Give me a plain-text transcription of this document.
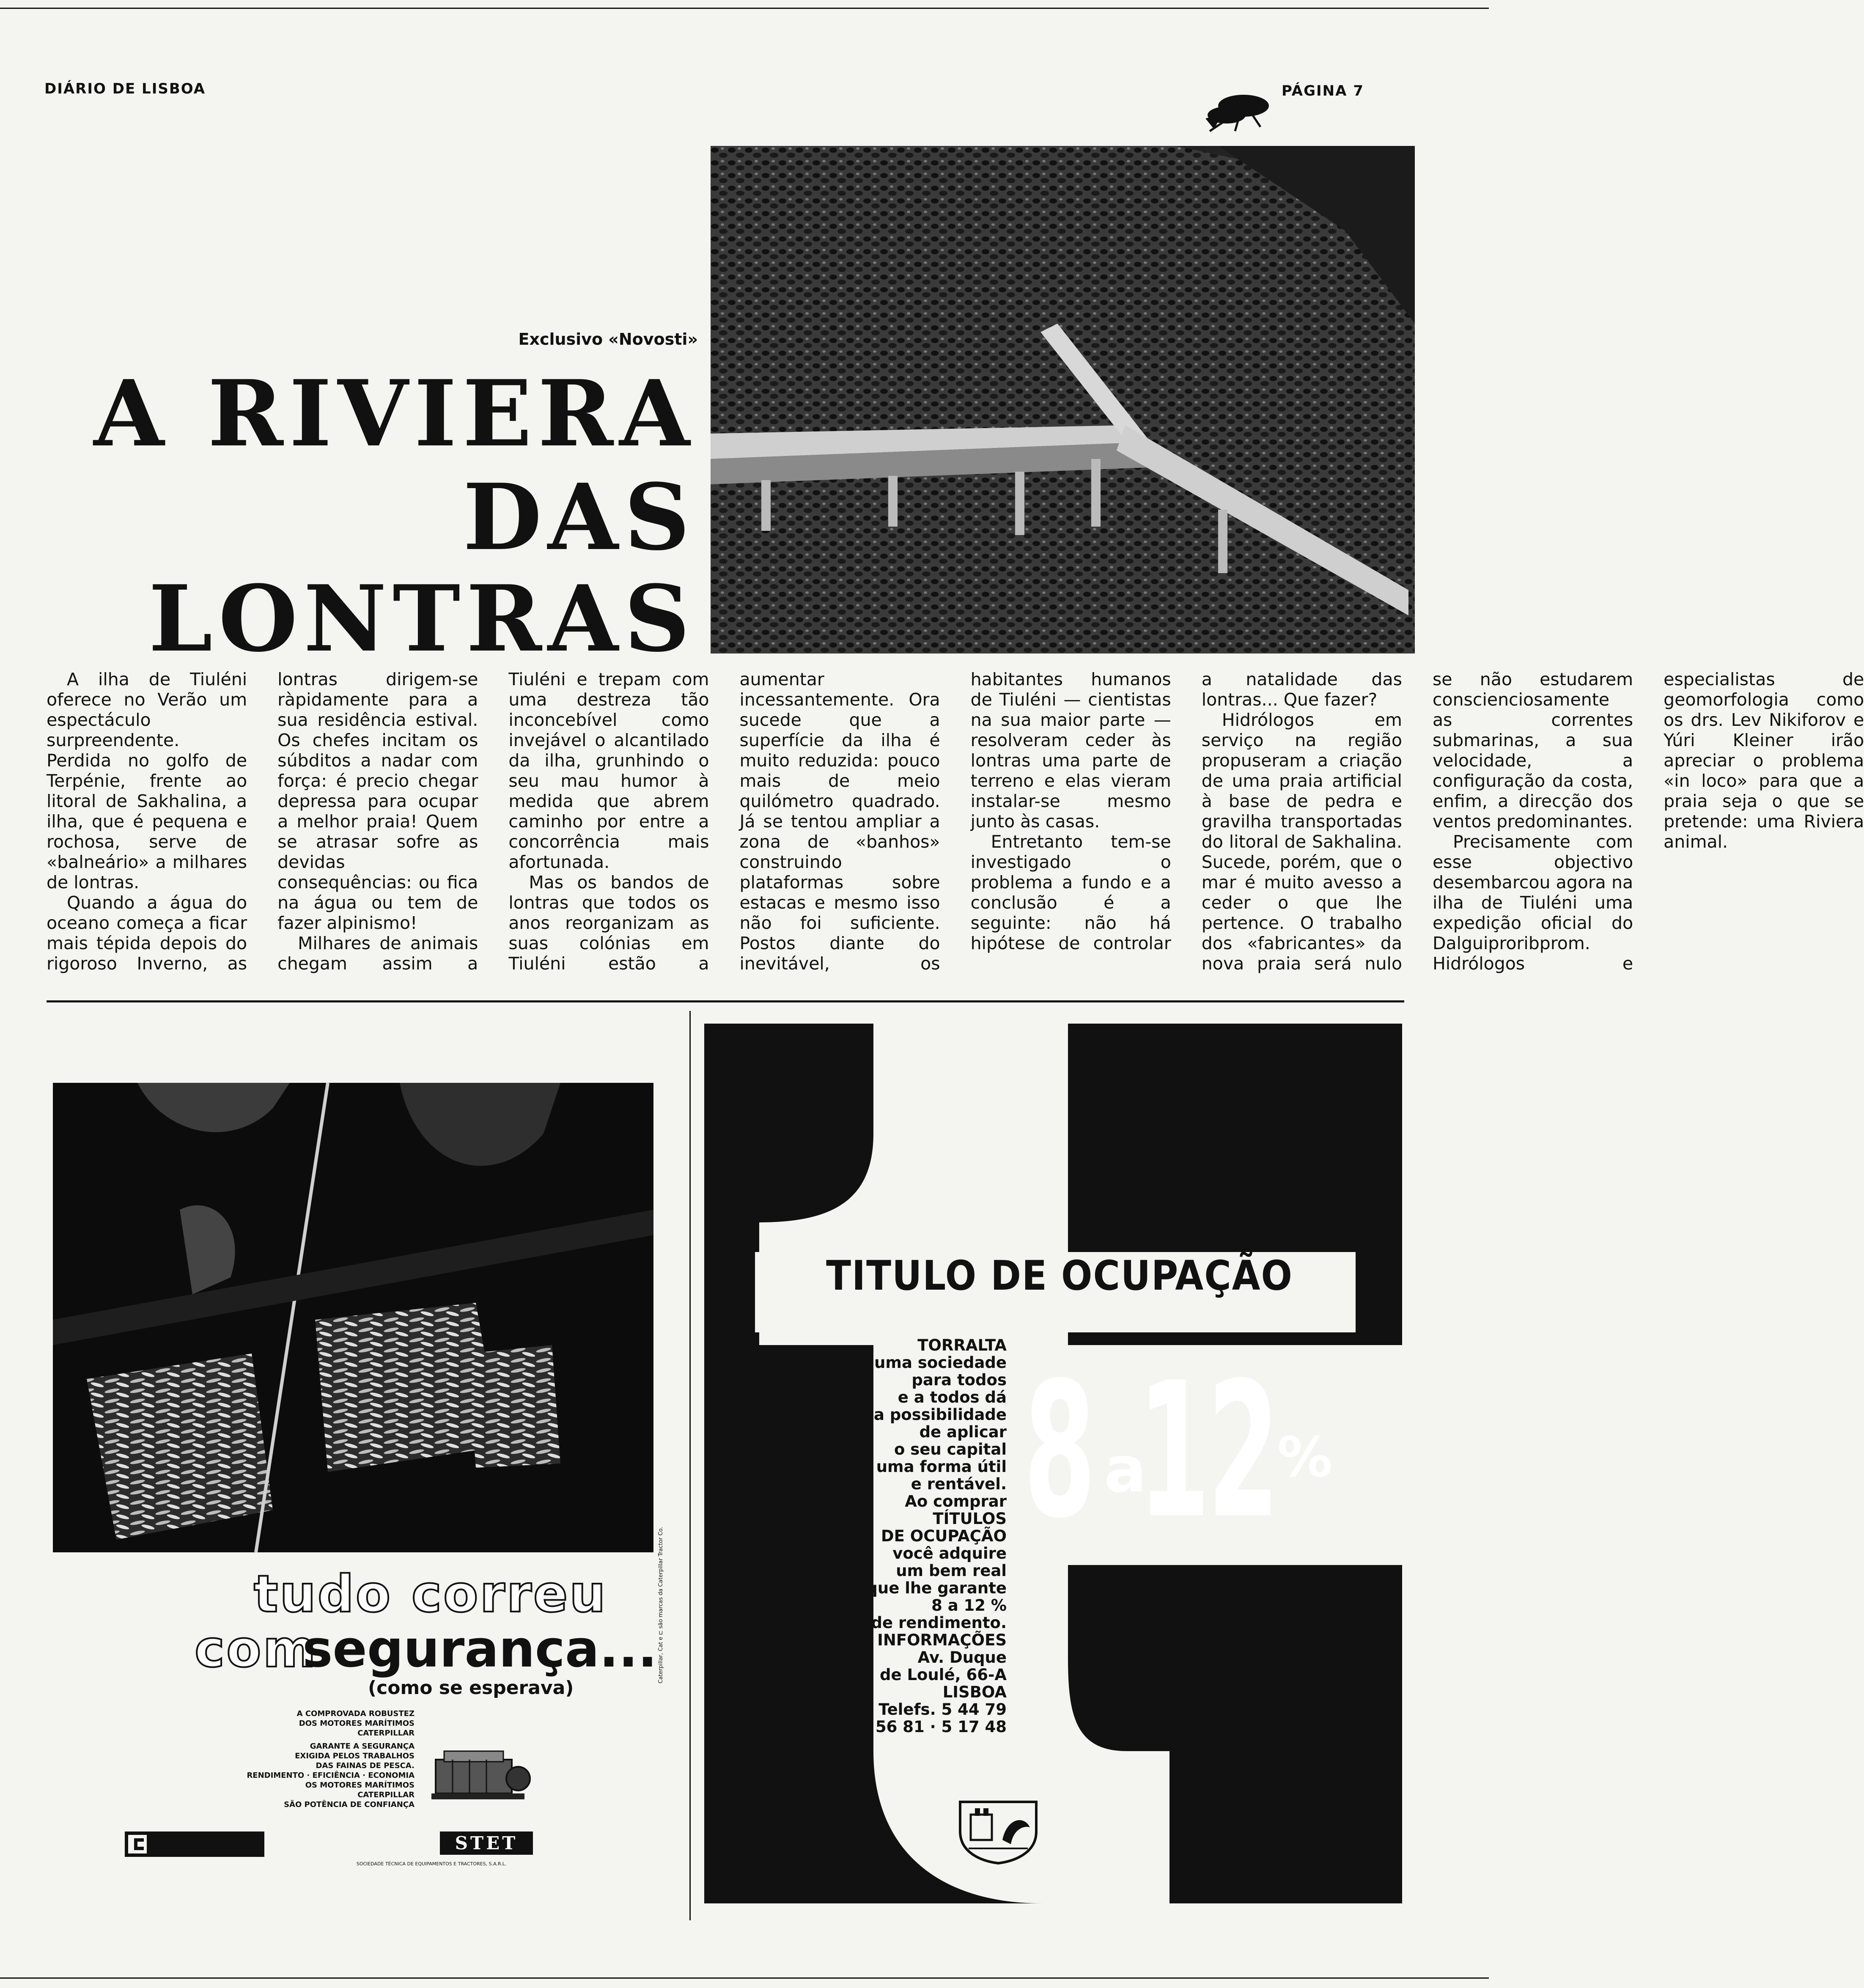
DIÁRIO DE LISBOA	PÁGINA 7
Exclusivo «Novosti»
A RIVIERA
DAS
LONTRAS

A ilha de Tiuléni oferece no Verão um espectáculo surpreendente. Perdida no golfo de Terpénie, frente ao litoral de Sakhalina, a ilha, que é pequena e rochosa, serve de «balneário» a milhares de lontras.

Quando a água do oceano começa a ficar mais tépida depois do rigoroso Inverno, as lontras dirigem-se ràpidamente para a sua residência estival. Os chefes incitam os súbditos a nadar com força: é precio chegar depressa para ocupar a melhor praia! Quem se atrasar sofre as devidas consequências: ou fica na água ou tem de fazer alpinismo!

Milhares de animais chegam assim a Tiuléni e trepam com uma destreza tão inconcebível como invejável o alcantilado da ilha, grunhindo o seu mau humor à medida que abrem caminho por entre a concorrência mais afortunada.

Mas os bandos de lontras que todos os anos reorganizam as suas colónias em Tiuléni estão a aumentar incessantemente. Ora sucede que a superfície da ilha é muito reduzida: pouco mais de meio quilómetro quadrado. Já se tentou ampliar a zona de «banhos» construindo plataformas sobre estacas e mesmo isso não foi suficiente. Postos diante do inevitável, os habitantes humanos de Tiuléni — cientistas na sua maior parte — resolveram ceder às lontras uma parte de terreno e elas vieram instalar-se mesmo junto às casas.

Entretanto tem-se investigado o problema a fundo e a conclusão é a seguinte: não há hipótese de controlar a natalidade das lontras... Que fazer?

Hidrólogos em serviço na região propuseram a criação de uma praia artificial à base de pedra e gravilha transportadas do litoral de Sakhalina. Sucede, porém, que o mar é muito avesso a ceder o que lhe pertence. O trabalho dos «fabricantes» da nova praia será nulo se não estudarem conscienciosamente as correntes submarinas, a sua velocidade, a configuração da costa, enfim, a direcção dos ventos predominantes.

Precisamente com esse objectivo desembarcou agora na ilha de Tiuléni uma expedição oficial do Dalguiproribprom. Hidrólogos e especialistas de geomorfologia como os drs. Lev Nikiforov e Yúri Kleiner irão apreciar o problema «in loco» para que a praia seja o que se pretende: uma Riviera animal.

tudo correu
com
segurança...
(como se esperava)
A COMPROVADA ROBUSTEZ
DOS MOTORES MARÍTIMOS
CATERPILLAR
GARANTE A SEGURANÇA
EXIGIDA PELOS TRABALHOS
DAS FAINAS DE PESCA.
RENDIMENTO · EFICIÊNCIA · ECONOMIA
OS MOTORES MARÍTIMOS
CATERPILLAR
SÃO POTÊNCIA DE CONFIANÇA
STET
SOCIEDADE TÉCNICA DE EQUIPAMENTOS E TRACTORES, S.A.R.L.
Caterpillar, Cat e ⊏ são marcas da Caterpillar Tractor Co.
TITULO DE OCUPAÇÃO
TORRALTA
é uma sociedade
para todos
e a todos dá
a possibilidade
de aplicar
o seu capital
de uma forma útil
e rentável.
Ao comprar
TÍTULOS
DE OCUPAÇÃO
você adquire
um bem real
que lhe garante
8 a 12 %
de rendimento.
INFORMAÇÕES
Av. Duque
de Loulé, 66-A
LISBOA
Telefs. 5 44 79
55 56 81 · 5 17 48
8 a
12 %
